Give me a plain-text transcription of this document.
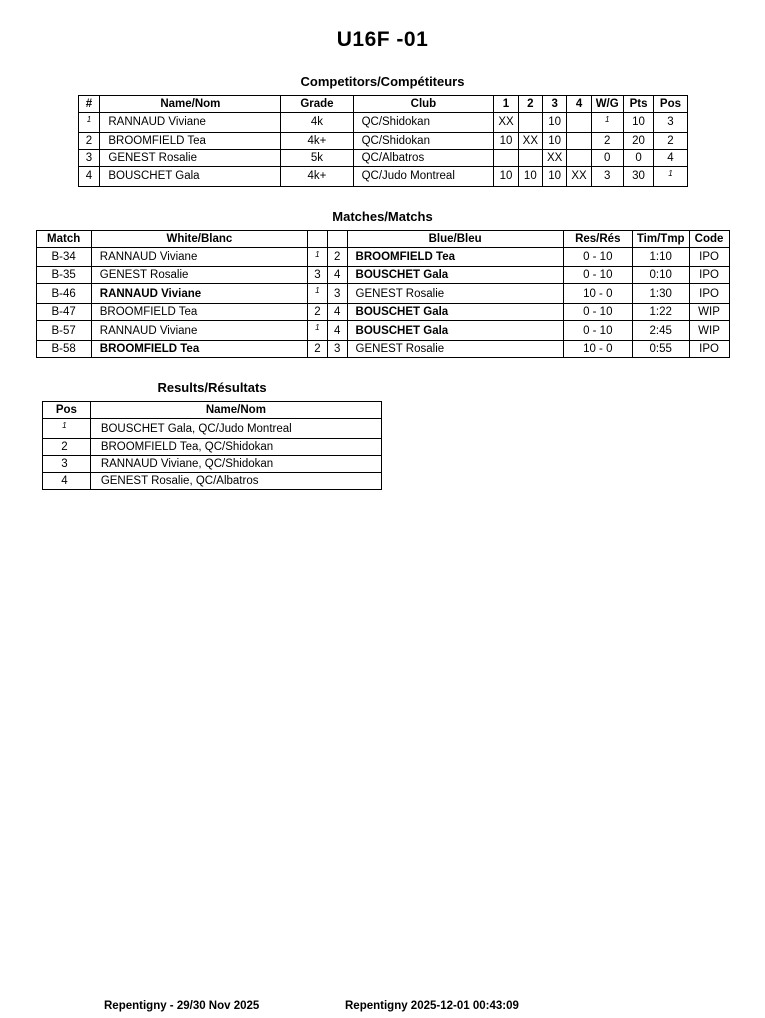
U16F -01
Competitors/Compétiteurs
#	Name/Nom	Grade	Club	1	2	3	4	W/G	Pts	Pos
$^1$	RANNAUD Viviane	4k	QC/Shidokan	XX		10		$^1$	10	3
2	BROOMFIELD Tea	4k+	QC/Shidokan	10	XX	10		2	20	2
3	GENEST Rosalie	5k	QC/Albatros			XX		0	0	4
4	BOUSCHET Gala	4k+	QC/Judo Montreal	10	10	10	XX	3	30	$^1$
Matches/Matchs
Match	White/Blanc			Blue/Bleu	Res/Rés	Tim/Tmp	Code
B-34	RANNAUD Viviane	$^1$	2	BROOMFIELD Tea	0 - 10	1:10	IPO
B-35	GENEST Rosalie	3	4	BOUSCHET Gala	0 - 10	0:10	IPO
B-46	RANNAUD Viviane	$^1$	3	GENEST Rosalie	10 - 0	1:30	IPO
B-47	BROOMFIELD Tea	2	4	BOUSCHET Gala	0 - 10	1:22	WIP
B-57	RANNAUD Viviane	$^1$	4	BOUSCHET Gala	0 - 10	2:45	WIP
B-58	BROOMFIELD Tea	2	3	GENEST Rosalie	10 - 0	0:55	IPO
Results/Résultats
Pos	Name/Nom
$^1$	BOUSCHET Gala, QC/Judo Montreal
2	BROOMFIELD Tea, QC/Shidokan
3	RANNAUD Viviane, QC/Shidokan
4	GENEST Rosalie, QC/Albatros
Repentigny - 29/30 Nov 2025	Repentigny 2025-12-01 00:43:09
